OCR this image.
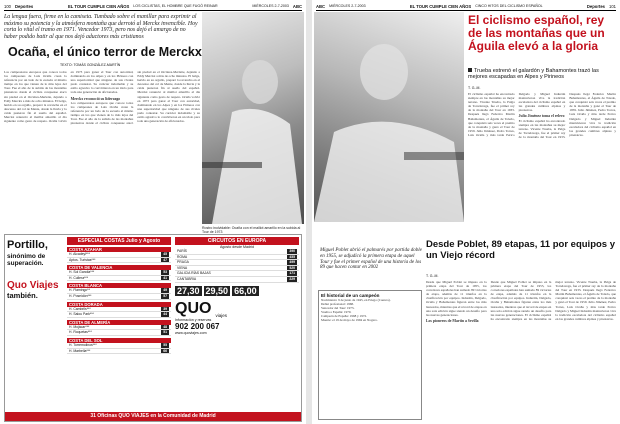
100 Deportes	EL TOUR CUMPLE CIEN AÑOS LOS CICLISTAS, EL HOMBRE QUE FUGÓ REINAR	MIÉRCOLES 2-7-2003 ABC
La lengua fuera, firme en la camiseta. Tumbado sobre el manillar para exprimir al máximo su potencia y la atmósfera montaña que derrotó al Merckx invencible. Hoy corta lo vital el tramo en 1971. Vencedor 1973, pero nos dejó el amargo de no haber podido batir al que nos dejó aductores más cristianos
Ocaña, el único terror de Merckx
TEXTO: TOMÁS GONZÁLEZ-MARTÍN
Los campeonatos europeos que conoce todos los campeones de Luis Ocaña crean la referencia por un lado de la escuela al mismo tiempo en los que vienen de lo más lejos del Tour. Fue el año de la subida de las montañas pirenaicas donde el ciclista conquense atacó sin piedad en el Orcières-Merlette, dejando a Eddy Merckx a más de ocho minutos. El belga, herido en su orgullo, preparó la revancha en el descenso del col de Mente, donde la lluvia y la caída pusieron fin al sueño del español. Merckx renunció al maillot amarillo al día siguiente como gesto de respeto. Ocaña volvió en 1973 para ganar el Tour con autoridad, dominando en los Alpes y en los Pirineos con una superioridad que ninguno de sus rivales pudo contestar. Su carácter indomable y su estilo agresivo lo convirtieron en un ídolo para toda una generación de aficionados.
Merckx reconoció su liderazgo
Los campeonatos europeos que conoce todos los campeones de Luis Ocaña crean la referencia por un lado de la escuela al mismo tiempo en los que vienen de lo más lejos del Tour. Fue el año de la subida de las montañas pirenaicas donde el ciclista conquense atacó sin piedad en el Orcières-Merlette, dejando a Eddy Merckx a más de ocho minutos. El belga, herido en su orgullo, preparó la revancha en el descenso del col de Mente, donde la lluvia y la caída pusieron fin al sueño del español. Merckx renunció al maillot amarillo al día siguiente como gesto de respeto. Ocaña volvió en 1973 para ganar el Tour con autoridad, dominando en los Alpes y en los Pirineos con una superioridad que ninguno de sus rivales pudo contestar. Su carácter indomable y su estilo agresivo lo convirtieron en un ídolo para toda una generación de aficionados.
Rostro inolvidable: Ocaña con el maillot amarillo en la subida al Tour de 1973
Portillo,
sinónimo de superación.
Quo Viajes
también.
ESPECIAL COSTAS Julio y Agosto
COSTA AZAHAR
H. Alcadeyl***	45
Aptos. Turistas***	47
COSTA DE VALENCIA
H. Sol Gandía***	53
H. Cullera***	41
COSTA BLANCA
H. Flamingo**	49
H. Poseidón***	57
COSTA DORADA
H. Cambrils***	39
H. Salou Park***	44
COSTA DE ALMERÍA
H. Mojácar***	48
H. Roquetas***	51
COSTA DEL SOL
H. Torremolinos***	55
H. Marbella***	66
CIRCUITOS EN EUROPA
Agosto desde Madrid
PARÍS	390
ROMA	455
PRAGA	499
VIENA	520
GALICIA RÍAS BAJAS	171
CANTABRIA	229
27,30 29,50 66,00
QUO viajes
Información y reservas
902 200 067
www.quoviajes.com
31 Oficinas QUO VIAJES en la Comunidad de Madrid
ABC MIÉRCOLES 2-7-2003	EL TOUR CUMPLE CIEN AÑOS CINCO HITOS DEL CICLISMO ESPAÑOL	Deportes 101
El ciclismo español, rey de las montañas que un Águila elevó a la gloria
Trueba estrenó el galardón y Bahamontes trazó las mejores escapadas en Alpes y Pirineos
T. G.-M.
El ciclismo español ha encontrado siempre en las montañas su mejor terreno. Vicente Trueba, la Pulga de Torrelavega, fue el primer rey de la montaña del Tour en 1933. Después llegó Federico Martín Bahamontes, el Águila de Toledo, que conquistó seis veces el premio de la montaña y ganó el Tour de 1959. Julio Jiménez, Pedro Torres, Luis Ocaña y más tarde Perico Delgado y Miguel Induráin mantuvieron viva la tradición escaladora del ciclismo español en las grandes cumbres alpinas y pirenaicas.
Julio Jiménez toma el relevo
El ciclismo español ha encontrado siempre en las montañas su mejor terreno. Vicente Trueba, la Pulga de Torrelavega, fue el primer rey de la montaña del Tour en 1933. Después llegó Federico Martín Bahamontes, el Águila de Toledo, que conquistó seis veces el premio de la montaña y ganó el Tour de 1959. Julio Jiménez, Pedro Torres, Luis Ocaña y más tarde Perico Delgado y Miguel Induráin mantuvieron viva la tradición escaladora del ciclismo español en las grandes cumbres alpinas y pirenaicas.
Desde Poblet, 89 etapas, 11 por equipos y un Viejo récord
Miguel Poblet abrió el palmarés por partida doble en 1955, se adjudicó la primera etapa de aquel Tour y fue el primer español de una historia de los 89 que hacen contar en 2002
El historial de un campeón
Nacimiento: 9 de junio de 1945, en Priego (Cuenca).
Debut profesional: 1968.
Vencedor del Tour: 1973.
Vuelta a España: 1970.
Campeón de España: 1968 y 1972.
Muerte: el 19 de mayo de 1994 en Nogaro.
T. G.-M.
Desde que Miguel Poblet se impuso en la primera etapa del Tour de 1955, los corredores españoles han sumado 89 victorias de etapa, además de 11 triunfos en la clasificación por equipos. Induráin, Delgado, Ocaña y Bahamontes figuran entre los más laureados, mientras que el récord de etapas en una sola edición sigue siendo un desafío para las nuevas generaciones.
Los pioneros de Martín a Sevilla
Desde que Miguel Poblet se impuso en la primera etapa del Tour de 1955, los corredores españoles han sumado 89 victorias de etapa, además de 11 triunfos en la clasificación por equipos. Induráin, Delgado, Ocaña y Bahamontes figuran entre los más laureados, mientras que el récord de etapas en una sola edición sigue siendo un desafío para las nuevas generaciones. El ciclismo español ha encontrado siempre en las montañas su mejor terreno. Vicente Trueba, la Pulga de Torrelavega, fue el primer rey de la montaña del Tour en 1933. Después llegó Federico Martín Bahamontes, el Águila de Toledo, que conquistó seis veces el premio de la montaña y ganó el Tour de 1959. Julio Jiménez, Pedro Torres, Luis Ocaña y más tarde Perico Delgado y Miguel Induráin mantuvieron viva la tradición escaladora del ciclismo español en las grandes cumbres alpinas y pirenaicas.
